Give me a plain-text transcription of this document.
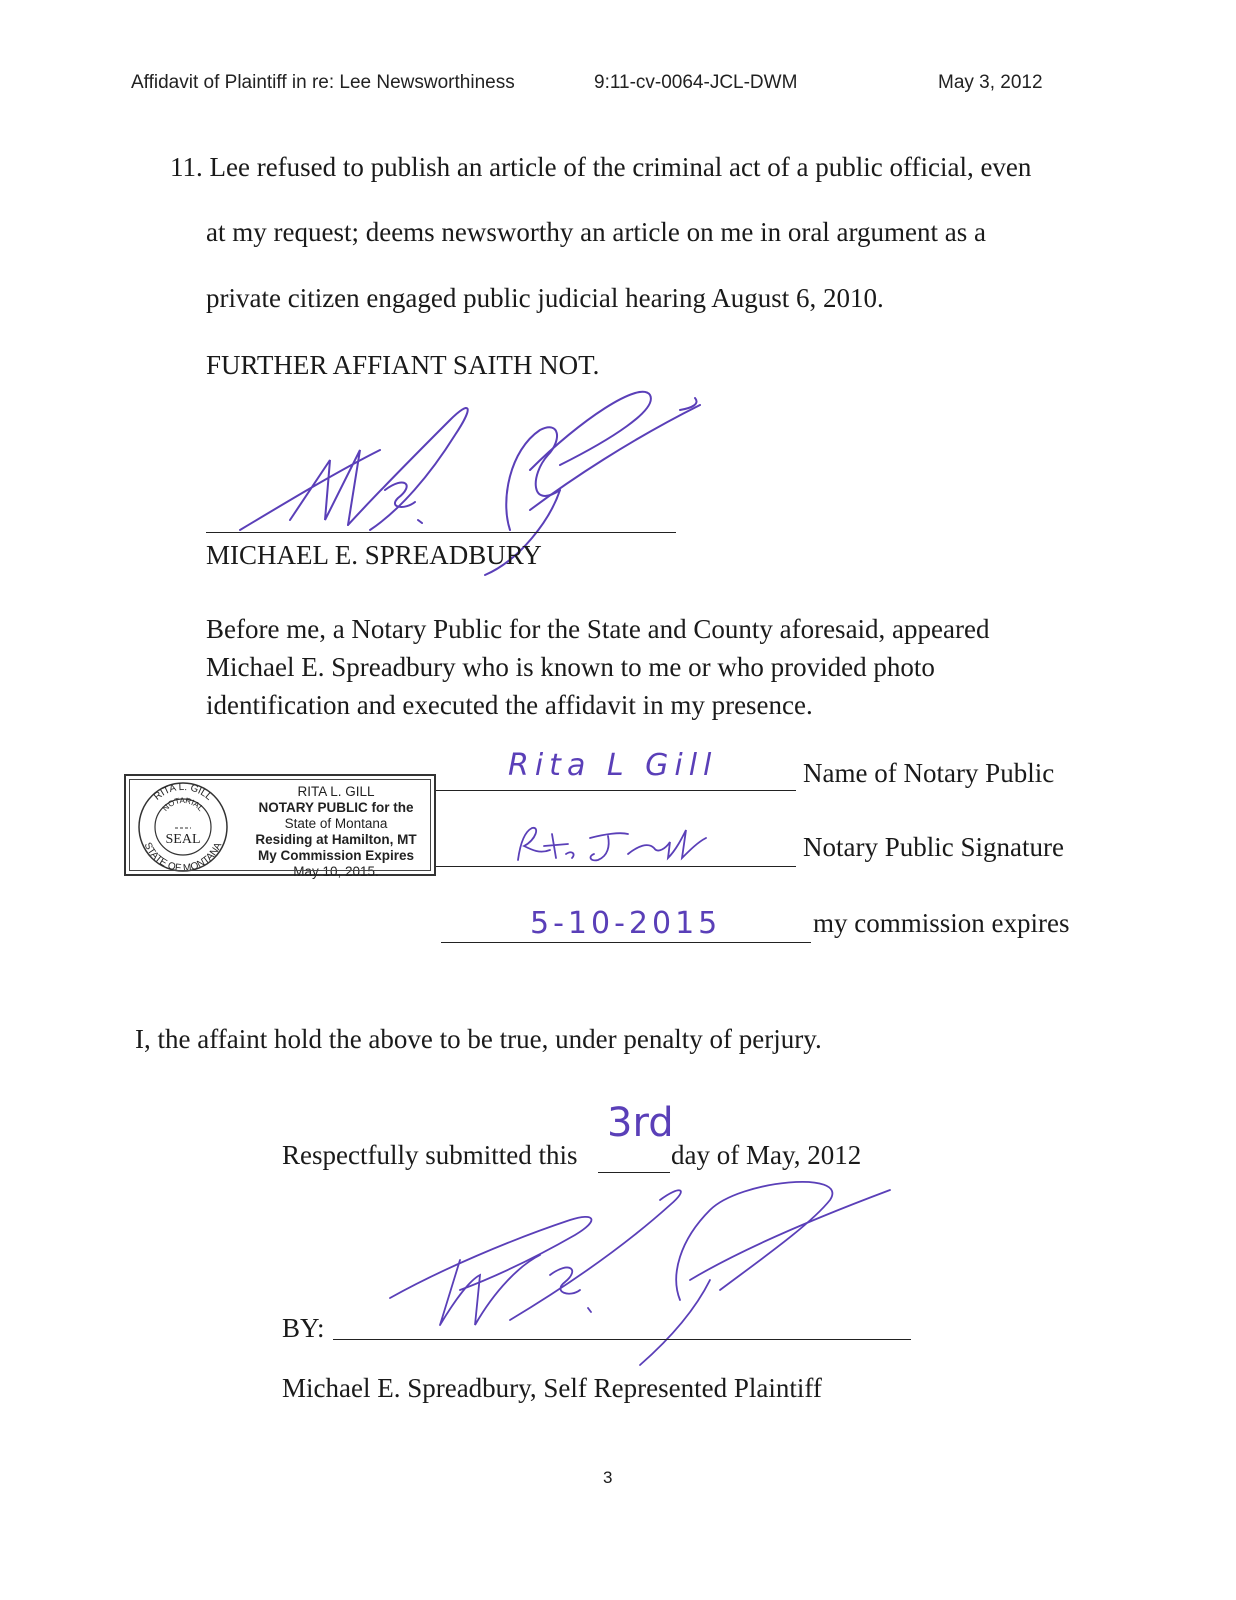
Affidavit of Plaintiff in re: Lee Newsworthiness	9:11-cv-0064-JCL-DWM	May 3, 2012
11. Lee refused to publish an article of the criminal act of a public official, even
at my request; deems newsworthy an article on me in oral argument as a
private citizen engaged public judicial hearing August 6, 2010.
FURTHER AFFIANT SAITH NOT.
MICHAEL E. SPREADBURY
Before me, a Notary Public for the State and County aforesaid, appeared
Michael E. Spreadbury who is known to me or who provided photo
identification and executed the affidavit in my presence.
RITA L. GILL
STATE OF MONTANA
NOTARIAL
SEAL
RITA L. GILL
NOTARY PUBLIC for the
State of Montana
Residing at Hamilton, MT
My Commission Expires
May 10, 2015.
Rita L Gill	Name of Notary Public
Notary Public Signature
5-10-2015	my commission expires
I, the affaint hold the above to be true, under penalty of perjury.
Respectfully submitted this
3rd
day of May, 2012
BY:
Michael E. Spreadbury, Self Represented Plaintiff
3
